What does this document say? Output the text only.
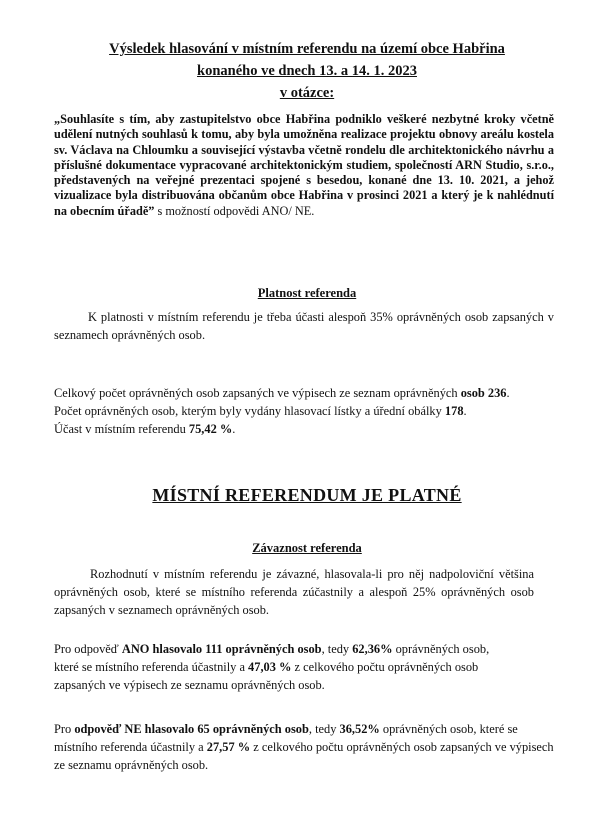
Výsledek hlasování v místním referendu na území obce Habřina
konaného ve dnech 13. a 14. 1. 2023
v otázce:
„Souhlasíte s tím, aby zastupitelstvo obce Habřina podniklo veškeré nezbytné kroky včetně udělení nutných souhlasů k tomu, aby byla umožněna realizace projektu obnovy areálu kostela sv. Václava na Chloumku a související výstavba včetně rondelu dle architektonického návrhu a příslušné dokumentace vypracované architektonickým studiem, společností ARN Studio, s.r.o., představených na veřejné prezentaci spojené s besedou, konané dne 13. 10. 2021, a jehož vizualizace byla distribuována občanům obce Habřina v prosinci 2021 a který je k nahlédnutí na obecním úřadě” s možností odpovědi ANO/ NE.
Platnost referenda
K platnosti v místním referendu je třeba účasti alespoň 35% oprávněných osob zapsaných v seznamech oprávněných osob.
Celkový počet oprávněných osob zapsaných ve výpisech ze seznam oprávněných osob 236.
Počet oprávněných osob, kterým byly vydány hlasovací lístky a úřední obálky 178.
Účast v místním referendu 75,42 %.
MÍSTNÍ REFERENDUM JE PLATNÉ
Závaznost referenda
Rozhodnutí v místním referendu je závazné, hlasovala-li pro něj nadpoloviční většina oprávněných osob, které se místního referenda zúčastnily a alespoň 25% oprávněných osob zapsaných v seznamech oprávněných osob.
Pro odpověď ANO hlasovalo 111 oprávněných osob, tedy 62,36% oprávněných osob, které se místního referenda účastnily a 47,03 % z celkového počtu oprávněných osob zapsaných ve výpisech ze seznamu oprávněných osob.
Pro odpověď NE hlasovalo 65 oprávněných osob, tedy 36,52% oprávněných osob, které se místního referenda účastnily a 27,57 % z celkového počtu oprávněných osob zapsaných ve výpisech ze seznamu oprávněných osob.
